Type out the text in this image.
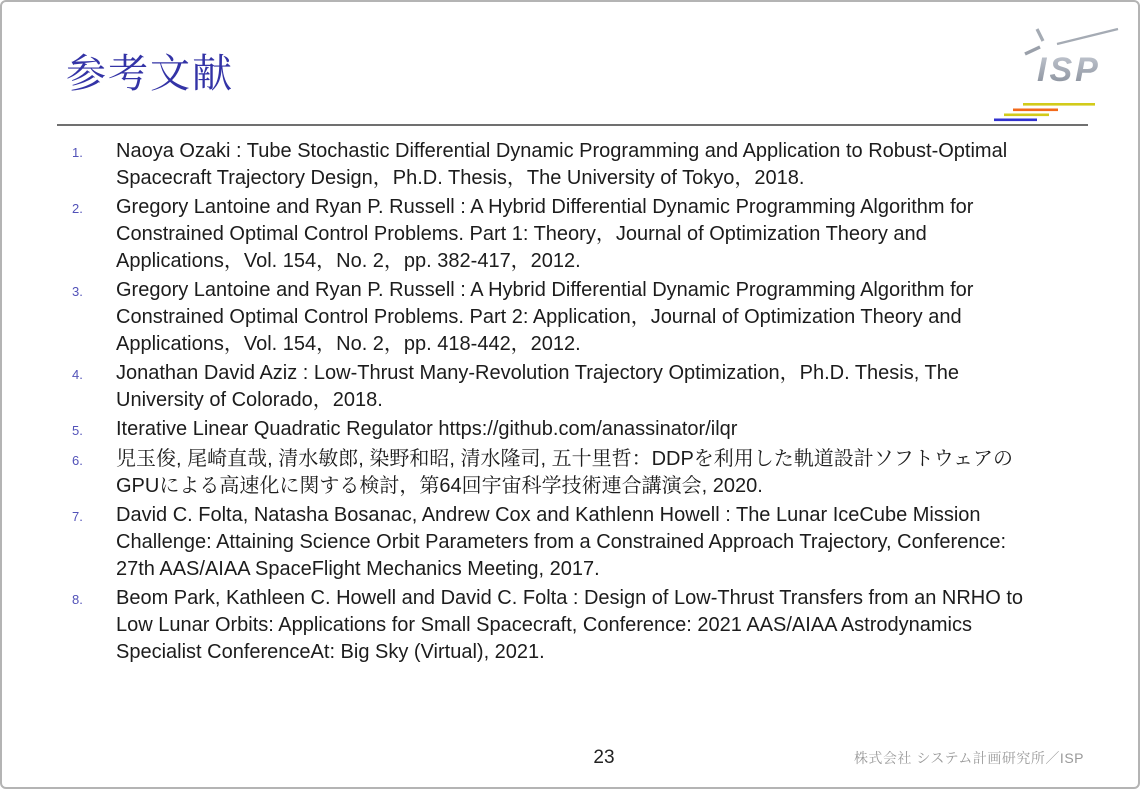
参考文献	ISP
1.	Naoya Ozaki : Tube Stochastic Differential Dynamic Programming and Application to Robust-Optimal Spacecraft Trajectory Design，Ph.D. Thesis，The University of Tokyo，2018.
2.	Gregory Lantoine and Ryan P. Russell : A Hybrid Differential Dynamic Programming Algorithm for Constrained Optimal Control Problems. Part 1: Theory，Journal of Optimization Theory and Applications，Vol. 154，No. 2，pp. 382-417，2012.
3.	Gregory Lantoine and Ryan P. Russell : A Hybrid Differential Dynamic Programming Algorithm for Constrained Optimal Control Problems. Part 2: Application，Journal of Optimization Theory and Applications，Vol. 154，No. 2，pp. 418-442，2012.
4.	Jonathan David Aziz : Low-Thrust Many-Revolution Trajectory Optimization，Ph.D. Thesis, The University of Colorado，2018.
5.	Iterative Linear Quadratic Regulator https://github.com/anassinator/ilqr
6.	児玉俊, 尾崎直哉, 清水敏郎, 染野和昭, 清水隆司, 五十里哲：DDPを利用した軌道設計ソフトウェアのGPUによる高速化に関する検討，第64回宇宙科学技術連合講演会, 2020.
7.	David C. Folta, Natasha Bosanac, Andrew Cox and Kathlenn Howell : The Lunar IceCube Mission Challenge: Attaining Science Orbit Parameters from a Constrained Approach Trajectory, Conference: 27th AAS/AIAA SpaceFlight Mechanics Meeting, 2017.
8.	Beom Park, Kathleen C. Howell and David C. Folta : Design of Low-Thrust Transfers from an NRHO to Low Lunar Orbits: Applications for Small Spacecraft, Conference: 2021 AAS/AIAA Astrodynamics Specialist ConferenceAt: Big Sky (Virtual), 2021.
23	株式会社 システム計画研究所／ISP
